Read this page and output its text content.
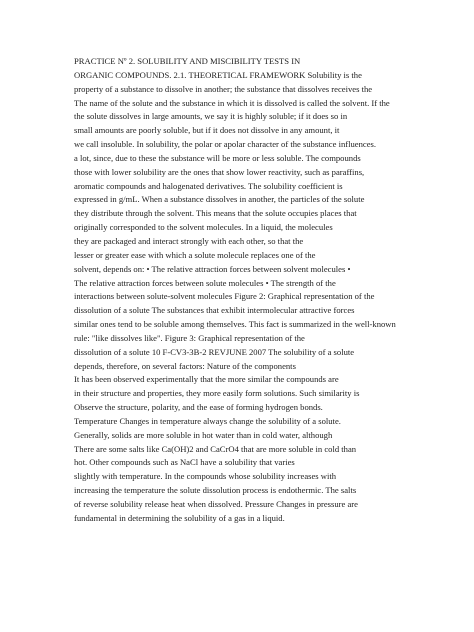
PRACTICE Nº 2. SOLUBILITY AND MISCIBILITY TESTS IN
ORGANIC COMPOUNDS. 2.1. THEORETICAL FRAMEWORK Solubility is the
property of a substance to dissolve in another; the substance that dissolves receives the
The name of the solute and the substance in which it is dissolved is called the solvent. If the
the solute dissolves in large amounts, we say it is highly soluble; if it does so in
small amounts are poorly soluble, but if it does not dissolve in any amount, it
we call insoluble. In solubility, the polar or apolar character of the substance influences.
a lot, since, due to these the substance will be more or less soluble. The compounds
those with lower solubility are the ones that show lower reactivity, such as paraffins,
aromatic compounds and halogenated derivatives. The solubility coefficient is
expressed in g/mL. When a substance dissolves in another, the particles of the solute
they distribute through the solvent. This means that the solute occupies places that
originally corresponded to the solvent molecules. In a liquid, the molecules
they are packaged and interact strongly with each other, so that the
lesser or greater ease with which a solute molecule replaces one of the
solvent, depends on: • The relative attraction forces between solvent molecules •
The relative attraction forces between solute molecules • The strength of the
interactions between solute-solvent molecules Figure 2: Graphical representation of the
dissolution of a solute The substances that exhibit intermolecular attractive forces
similar ones tend to be soluble among themselves. This fact is summarized in the well-known
rule: "like dissolves like". Figure 3: Graphical representation of the
dissolution of a solute 10 F-CV3-3B-2 REVJUNE 2007 The solubility of a solute
depends, therefore, on several factors: Nature of the components
It has been observed experimentally that the more similar the compounds are
in their structure and properties, they more easily form solutions. Such similarity is
Observe the structure, polarity, and the ease of forming hydrogen bonds.
Temperature Changes in temperature always change the solubility of a solute.
Generally, solids are more soluble in hot water than in cold water, although
There are some salts like Ca(OH)2 and CaCrO4 that are more soluble in cold than
hot. Other compounds such as NaCl have a solubility that varies
slightly with temperature. In the compounds whose solubility increases with
increasing the temperature the solute dissolution process is endothermic. The salts
of reverse solubility release heat when dissolved. Pressure Changes in pressure are
fundamental in determining the solubility of a gas in a liquid.
